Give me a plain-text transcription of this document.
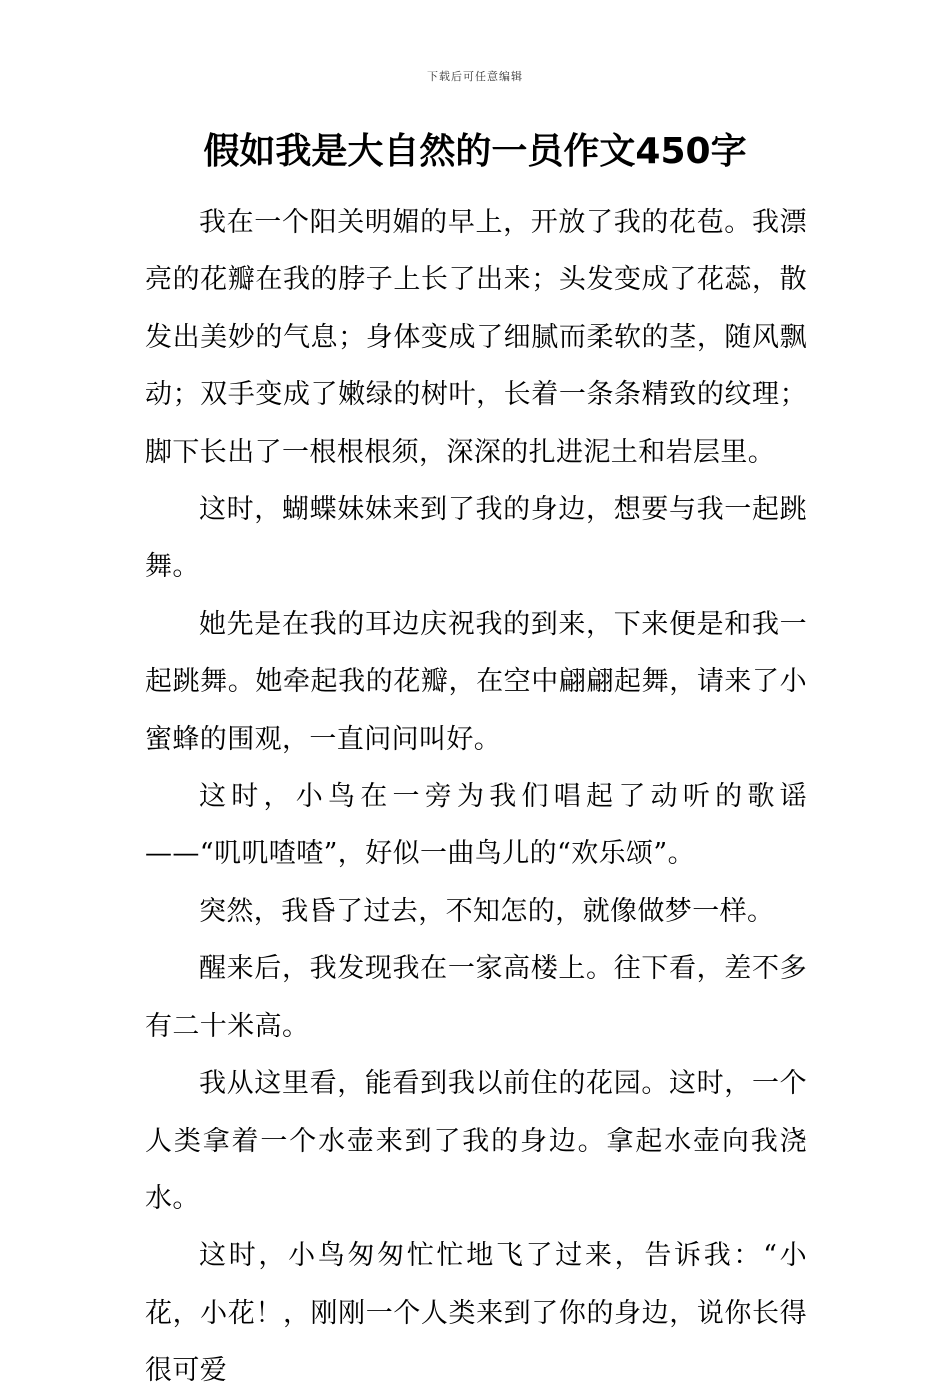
下载后可任意编辑
假如我是大自然的一员作文450字

我在一个阳关明媚的早上，开放了我的花苞。我漂亮的花瓣在我的脖子上长了出来；头发变成了花蕊，散发出美妙的气息；身体变成了细腻而柔软的茎，随风飘动；双手变成了嫩绿的树叶，长着一条条精致的纹理；脚下长出了一根根根须，深深的扎进泥土和岩层里。

这时，蝴蝶妹妹来到了我的身边，想要与我一起跳舞。

她先是在我的耳边庆祝我的到来，下来便是和我一起跳舞。她牵起我的花瓣，在空中翩翩起舞，请来了小蜜蜂的围观，一直问问叫好。

这时，小鸟在一旁为我们唱起了动听的歌谣——“叽叽喳喳”，好似一曲鸟儿的“欢乐颂”。

突然，我昏了过去，不知怎的，就像做梦一样。

醒来后，我发现我在一家高楼上。往下看，差不多有二十米高。

我从这里看，能看到我以前住的花园。这时，一个人类拿着一个水壶来到了我的身边。拿起水壶向我浇水。

这时，小鸟匆匆忙忙地飞了过来，告诉我：“小花，小花！，刚刚一个人类来到了你的身边，说你长得很可爱
